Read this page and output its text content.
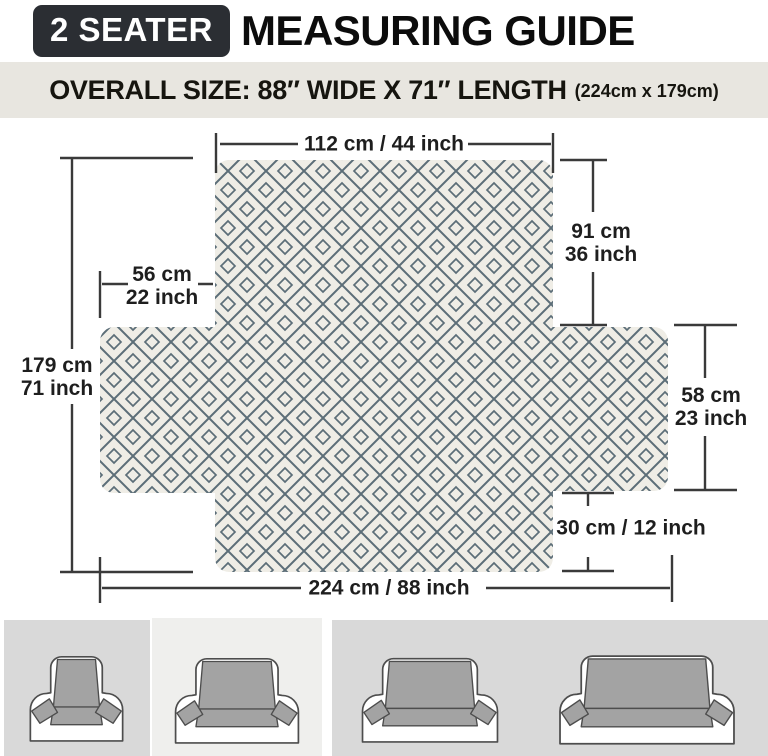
2 SEATER MEASURING GUIDE
OVERALL SIZE: 88″ WIDE X 71″ LENGTH (224cm x 179cm)
112 cm / 44 inch
91 cm
36 inch
56 cm
22 inch
179 cm
71 inch	58 cm
23 inch
30 cm / 12 inch
224 cm / 88 inch
